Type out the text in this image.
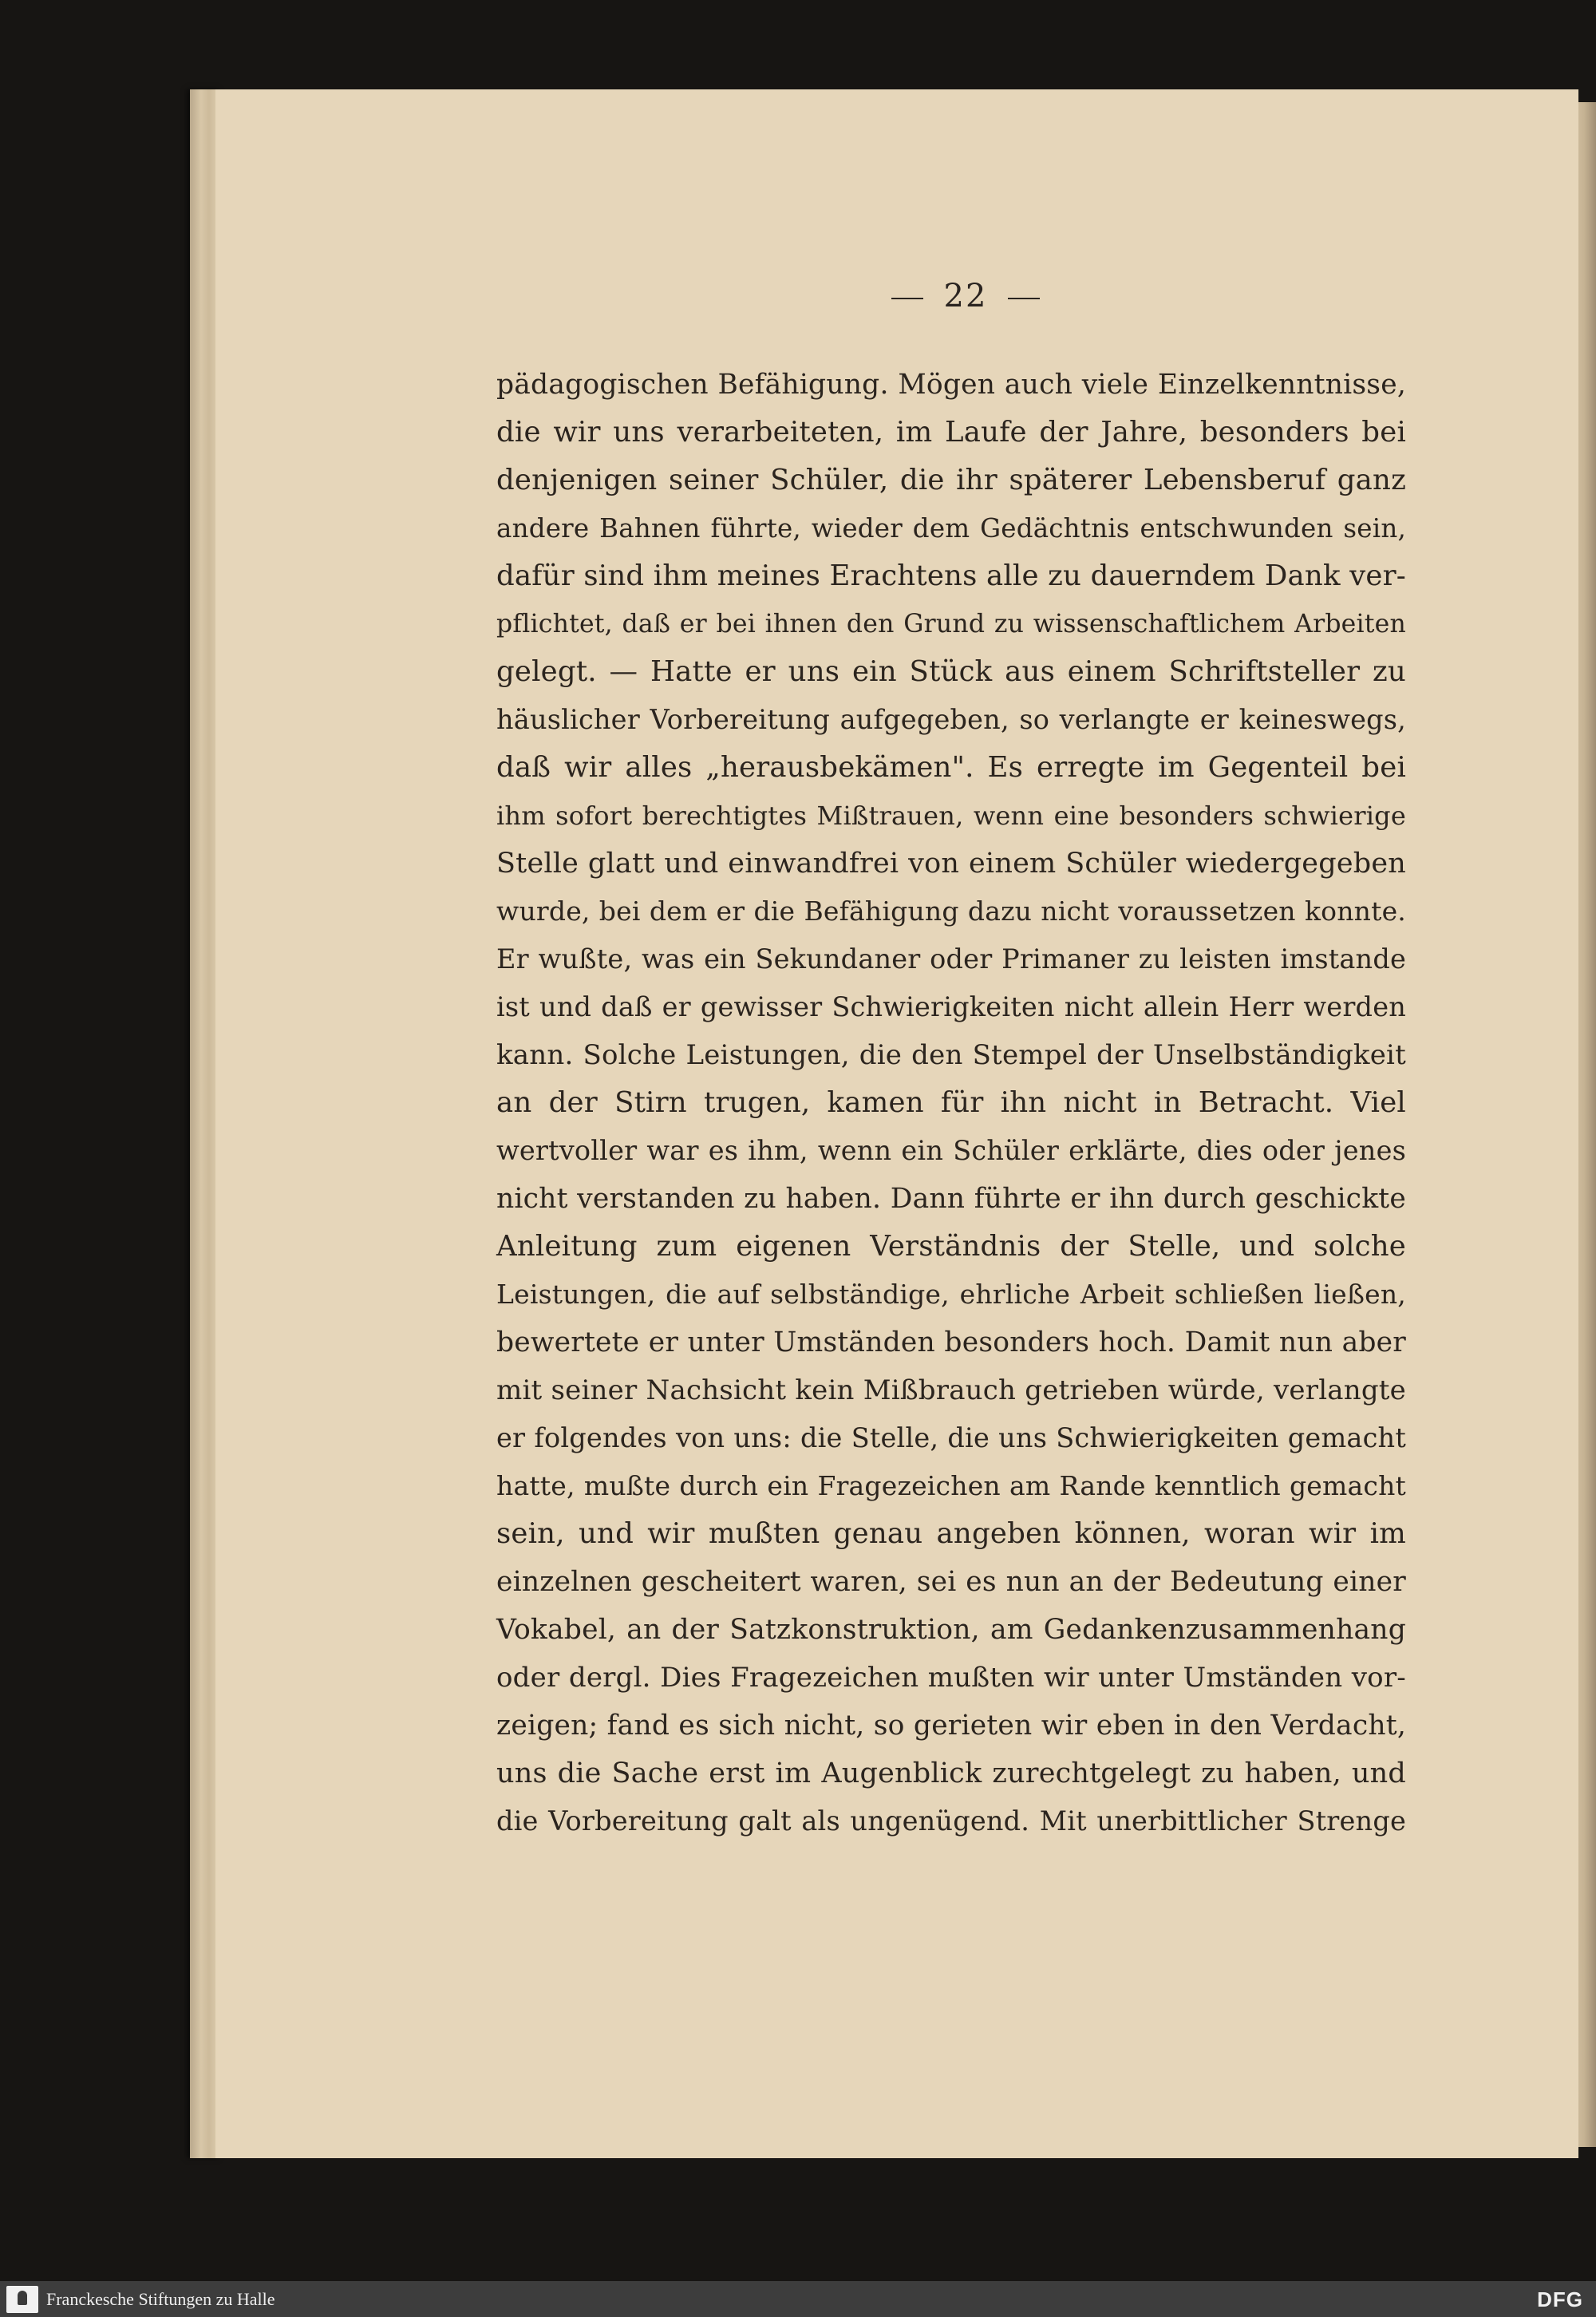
22
pädagogischen Befähigung. Mögen auch viele Einzelkenntnisse,
die wir uns verarbeiteten, im Laufe der Jahre, besonders bei
denjenigen seiner Schüler, die ihr späterer Lebensberuf ganz
andere Bahnen führte, wieder dem Gedächtnis entschwunden sein,
dafür sind ihm meines Erachtens alle zu dauerndem Dank ver-
pflichtet, daß er bei ihnen den Grund zu wissenschaftlichem Arbeiten
gelegt. — Hatte er uns ein Stück aus einem Schriftsteller zu
häuslicher Vorbereitung aufgegeben, so verlangte er keineswegs,
daß wir alles „herausbekämen". Es erregte im Gegenteil bei
ihm sofort berechtigtes Mißtrauen, wenn eine besonders schwierige
Stelle glatt und einwandfrei von einem Schüler wiedergegeben
wurde, bei dem er die Befähigung dazu nicht voraussetzen konnte.
Er wußte, was ein Sekundaner oder Primaner zu leisten imstande
ist und daß er gewisser Schwierigkeiten nicht allein Herr werden
kann. Solche Leistungen, die den Stempel der Unselbständigkeit
an der Stirn trugen, kamen für ihn nicht in Betracht. Viel
wertvoller war es ihm, wenn ein Schüler erklärte, dies oder jenes
nicht verstanden zu haben. Dann führte er ihn durch geschickte
Anleitung zum eigenen Verständnis der Stelle, und solche
Leistungen, die auf selbständige, ehrliche Arbeit schließen ließen,
bewertete er unter Umständen besonders hoch. Damit nun aber
mit seiner Nachsicht kein Mißbrauch getrieben würde, verlangte
er folgendes von uns: die Stelle, die uns Schwierigkeiten gemacht
hatte, mußte durch ein Fragezeichen am Rande kenntlich gemacht
sein, und wir mußten genau angeben können, woran wir im
einzelnen gescheitert waren, sei es nun an der Bedeutung einer
Vokabel, an der Satzkonstruktion, am Gedankenzusammenhang
oder dergl. Dies Fragezeichen mußten wir unter Umständen vor-
zeigen; fand es sich nicht, so gerieten wir eben in den Verdacht,
uns die Sache erst im Augenblick zurechtgelegt zu haben, und
die Vorbereitung galt als ungenügend. Mit unerbittlicher Strenge
Franckesche Stiftungen zu Halle	DFG
